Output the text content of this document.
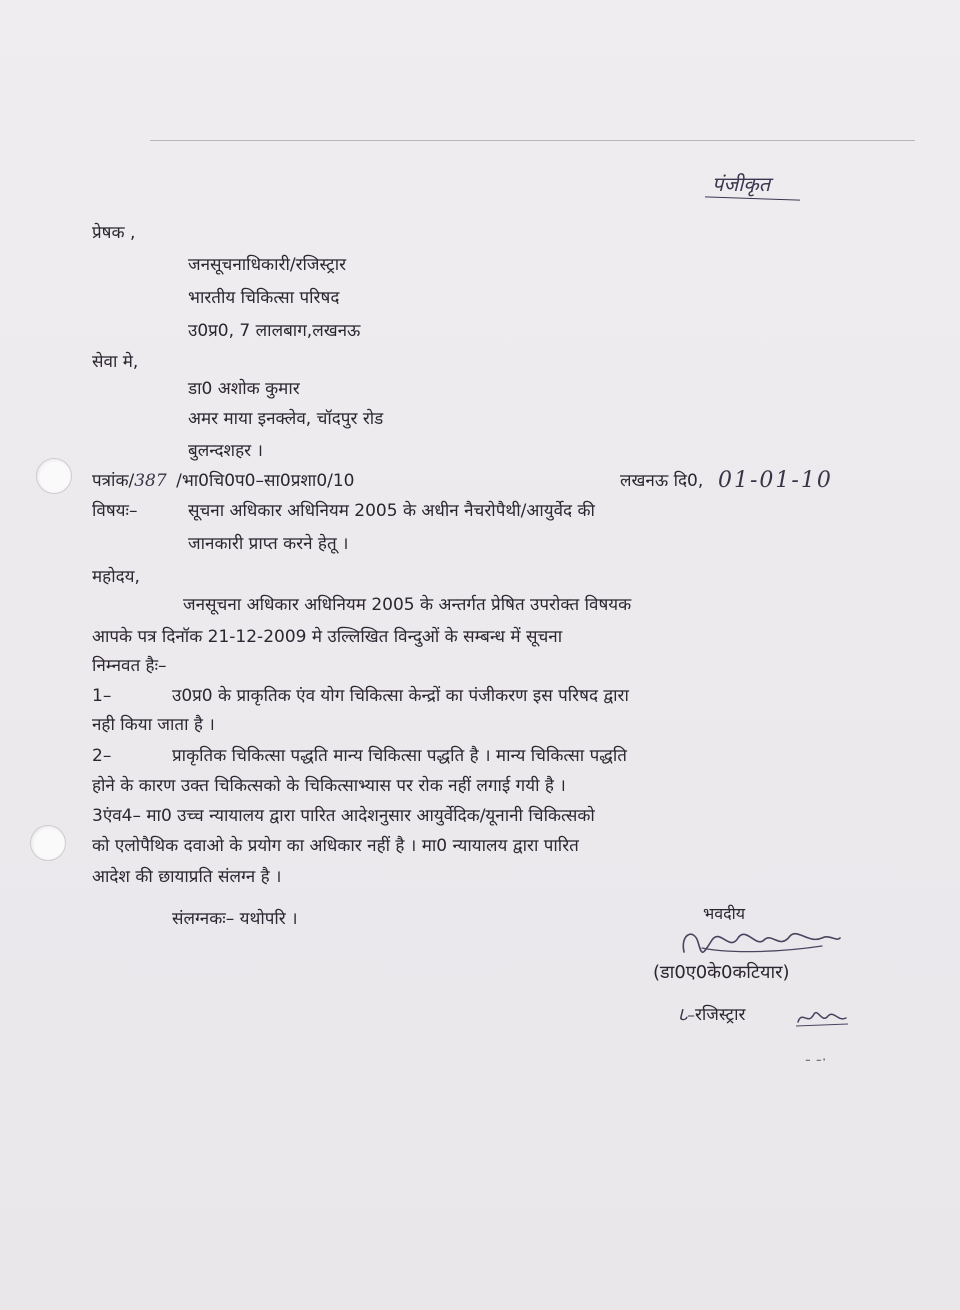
पंजीकृत
प्रेषक ,
जनसूचनाधिकारी/रजिस्ट्रार
भारतीय चिकित्सा परिषद
उ0प्र0, 7 लालबाग,लखनऊ
सेवा मे,
डा0 अशोक कुमार
अमर माया इनक्लेव, चॉदपुर रोड
बुलन्दशहर ।
पत्रांक/387 /भा0चि0प0–सा0प्रशा0/10	लखनऊ दि0, 01-01-10
विषयः–	सूचना अधिकार अधिनियम 2005 के अधीन नैचरोपैथी/आयुर्वेद की
जानकारी प्राप्त करने हेतू ।
महोदय,
जनसूचना अधिकार अधिनियम 2005 के अन्तर्गत प्रेषित उपरोक्त विषयक
आपके पत्र दिनॉक 21-12-2009 मे उल्लिखित विन्दुओं के सम्बन्ध में सूचना
निम्नवत हैः–
1–	उ0प्र0 के प्राकृतिक एंव योग चिकित्सा केन्द्रों का पंजीकरण इस परिषद द्वारा
नही किया जाता है ।
2–	प्राकृतिक चिकित्सा पद्धति मान्य चिकित्सा पद्धति है । मान्य चिकित्सा पद्धति
होने के कारण उक्त चिकित्सको के चिकित्साभ्यास पर रोक नहीं लगाई गयी है ।
3एंव4– मा0 उच्च न्यायालय द्वारा पारित आदेशनुसार आयुर्वेदिक/यूनानी चिकित्सको
को एलोपैथिक दवाओ के प्रयोग का अधिकार नहीं है । मा0 न्यायालय द्वारा पारित
आदेश की छायाप्रति संलग्न है ।
संलग्नकः– यथोपरि ।	भवदीय
(डा0ए0के0कटियार)
ᒐ–रजिस्ट्रार
- -·
